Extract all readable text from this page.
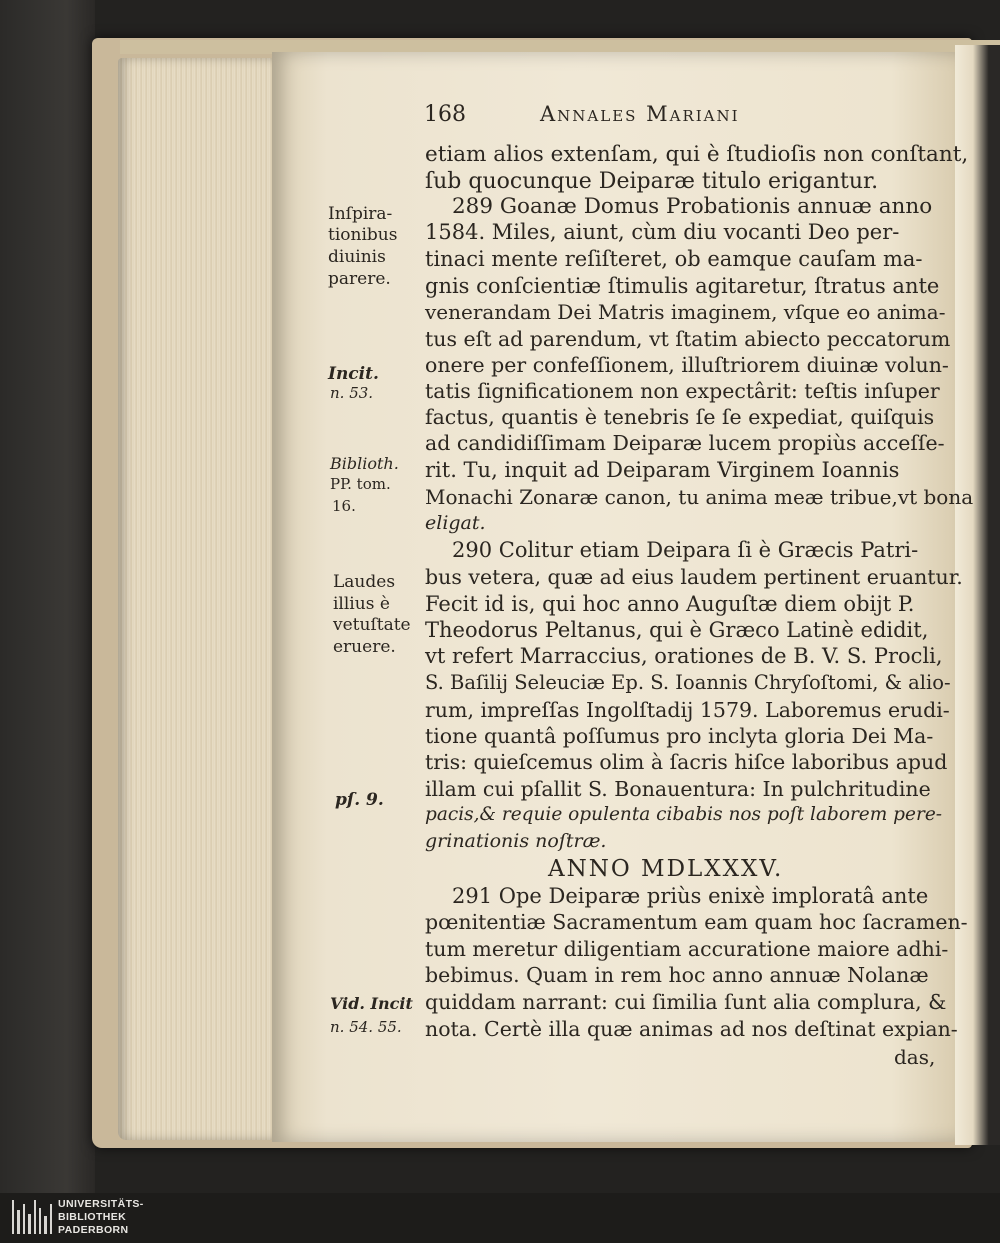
168	Annales Mariani
etiam alios extenſam, qui è ſtudioſis non conſtant,
ſub quocunque Deiparæ titulo erigantur.
289 Goanæ Domus Probationis annuæ anno
1584. Miles, aiunt, cùm diu vocanti Deo per-
tinaci mente reſiſteret, ob eamque cauſam ma-
gnis conſcientiæ ſtimulis agitaretur, ſtratus ante
venerandam Dei Matris imaginem, vſque eo anima-
tus eſt ad parendum, vt ſtatim abiecto peccatorum
onere per confeſſionem, illuſtriorem diuinæ volun-
tatis ſignificationem non expectârit: teſtis inſuper
factus, quantis è tenebris ſe ſe expediat, quiſquis
ad candidiſſimam Deiparæ lucem propiùs acceſſe-
rit. Tu, inquit ad Deiparam Virginem Ioannis
Monachi Zonaræ canon, tu anima meæ tribue,vt bona
eligat.
290 Colitur etiam Deipara ſi è Græcis Patri-
bus vetera, quæ ad eius laudem pertinent eruantur.
Fecit id is, qui hoc anno Auguſtæ diem obijt P.
Theodorus Peltanus, qui è Græco Latinè edidit,
vt refert Marraccius, orationes de B. V. S. Procli,
S. Baſilij Seleuciæ Ep. S. Ioannis Chryſoſtomi, & alio-
rum, impreſſas Ingolſtadij 1579. Laboremus erudi-
tione quantâ poſſumus pro inclyta gloria Dei Ma-
tris: quieſcemus olim à ſacris hiſce laboribus apud
illam cui pſallit S. Bonauentura: In pulchritudine
pacis,& requie opulenta cibabis nos poſt laborem pere-
grinationis noſtræ.
ANNO MDLXXXV.
291 Ope Deiparæ priùs enixè imploratâ ante
pœnitentiæ Sacramentum eam quam hoc ſacramen-
tum meretur diligentiam accuratione maiore adhi-
bebimus. Quam in rem hoc anno annuæ Nolanæ
quiddam narrant: cui ſimilia ſunt alia complura, &
nota. Certè illa quæ animas ad nos deſtinat expian-
das,
Inſpira-
tionibus
diuinis
parere.
Incit.
n. 53.
Biblioth.
PP. tom.
16.
Laudes
illius è
vetuſtate
eruere.
pſ. 9.
Vid. Incit
n. 54. 55.
UNIVERSITÄTS-
BIBLIOTHEK
PADERBORN
